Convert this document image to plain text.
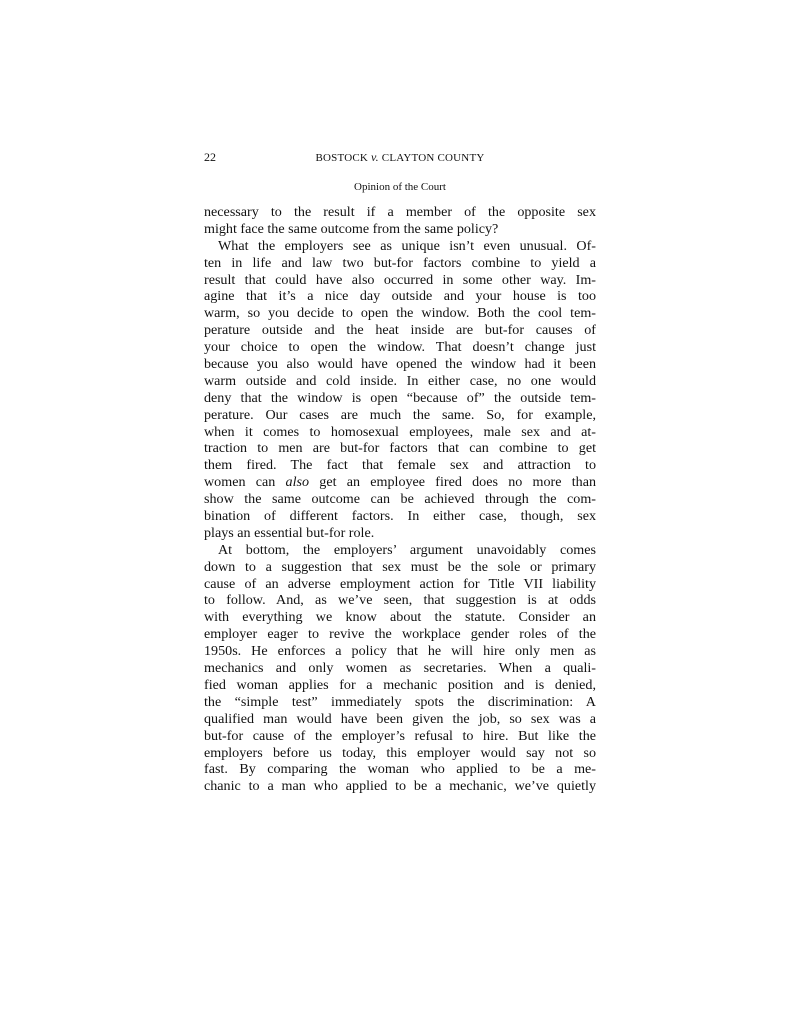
22	BOSTOCK v. CLAYTON COUNTY
Opinion of the Court
necessary to the result if a member of the opposite sex
might face the same outcome from the same policy?
What the employers see as unique isn’t even unusual. Of-
ten in life and law two but-for factors combine to yield a
result that could have also occurred in some other way. Im-
agine that it’s a nice day outside and your house is too
warm, so you decide to open the window. Both the cool tem-
perature outside and the heat inside are but-for causes of
your choice to open the window. That doesn’t change just
because you also would have opened the window had it been
warm outside and cold inside. In either case, no one would
deny that the window is open “because of” the outside tem-
perature. Our cases are much the same. So, for example,
when it comes to homosexual employees, male sex and at-
traction to men are but-for factors that can combine to get
them fired. The fact that female sex and attraction to
women can also get an employee fired does no more than
show the same outcome can be achieved through the com-
bination of different factors. In either case, though, sex
plays an essential but-for role.
At bottom, the employers’ argument unavoidably comes
down to a suggestion that sex must be the sole or primary
cause of an adverse employment action for Title VII liability
to follow. And, as we’ve seen, that suggestion is at odds
with everything we know about the statute. Consider an
employer eager to revive the workplace gender roles of the
1950s. He enforces a policy that he will hire only men as
mechanics and only women as secretaries. When a quali-
fied woman applies for a mechanic position and is denied,
the “simple test” immediately spots the discrimination: A
qualified man would have been given the job, so sex was a
but-for cause of the employer’s refusal to hire. But like the
employers before us today, this employer would say not so
fast. By comparing the woman who applied to be a me-
chanic to a man who applied to be a mechanic, we’ve quietly
